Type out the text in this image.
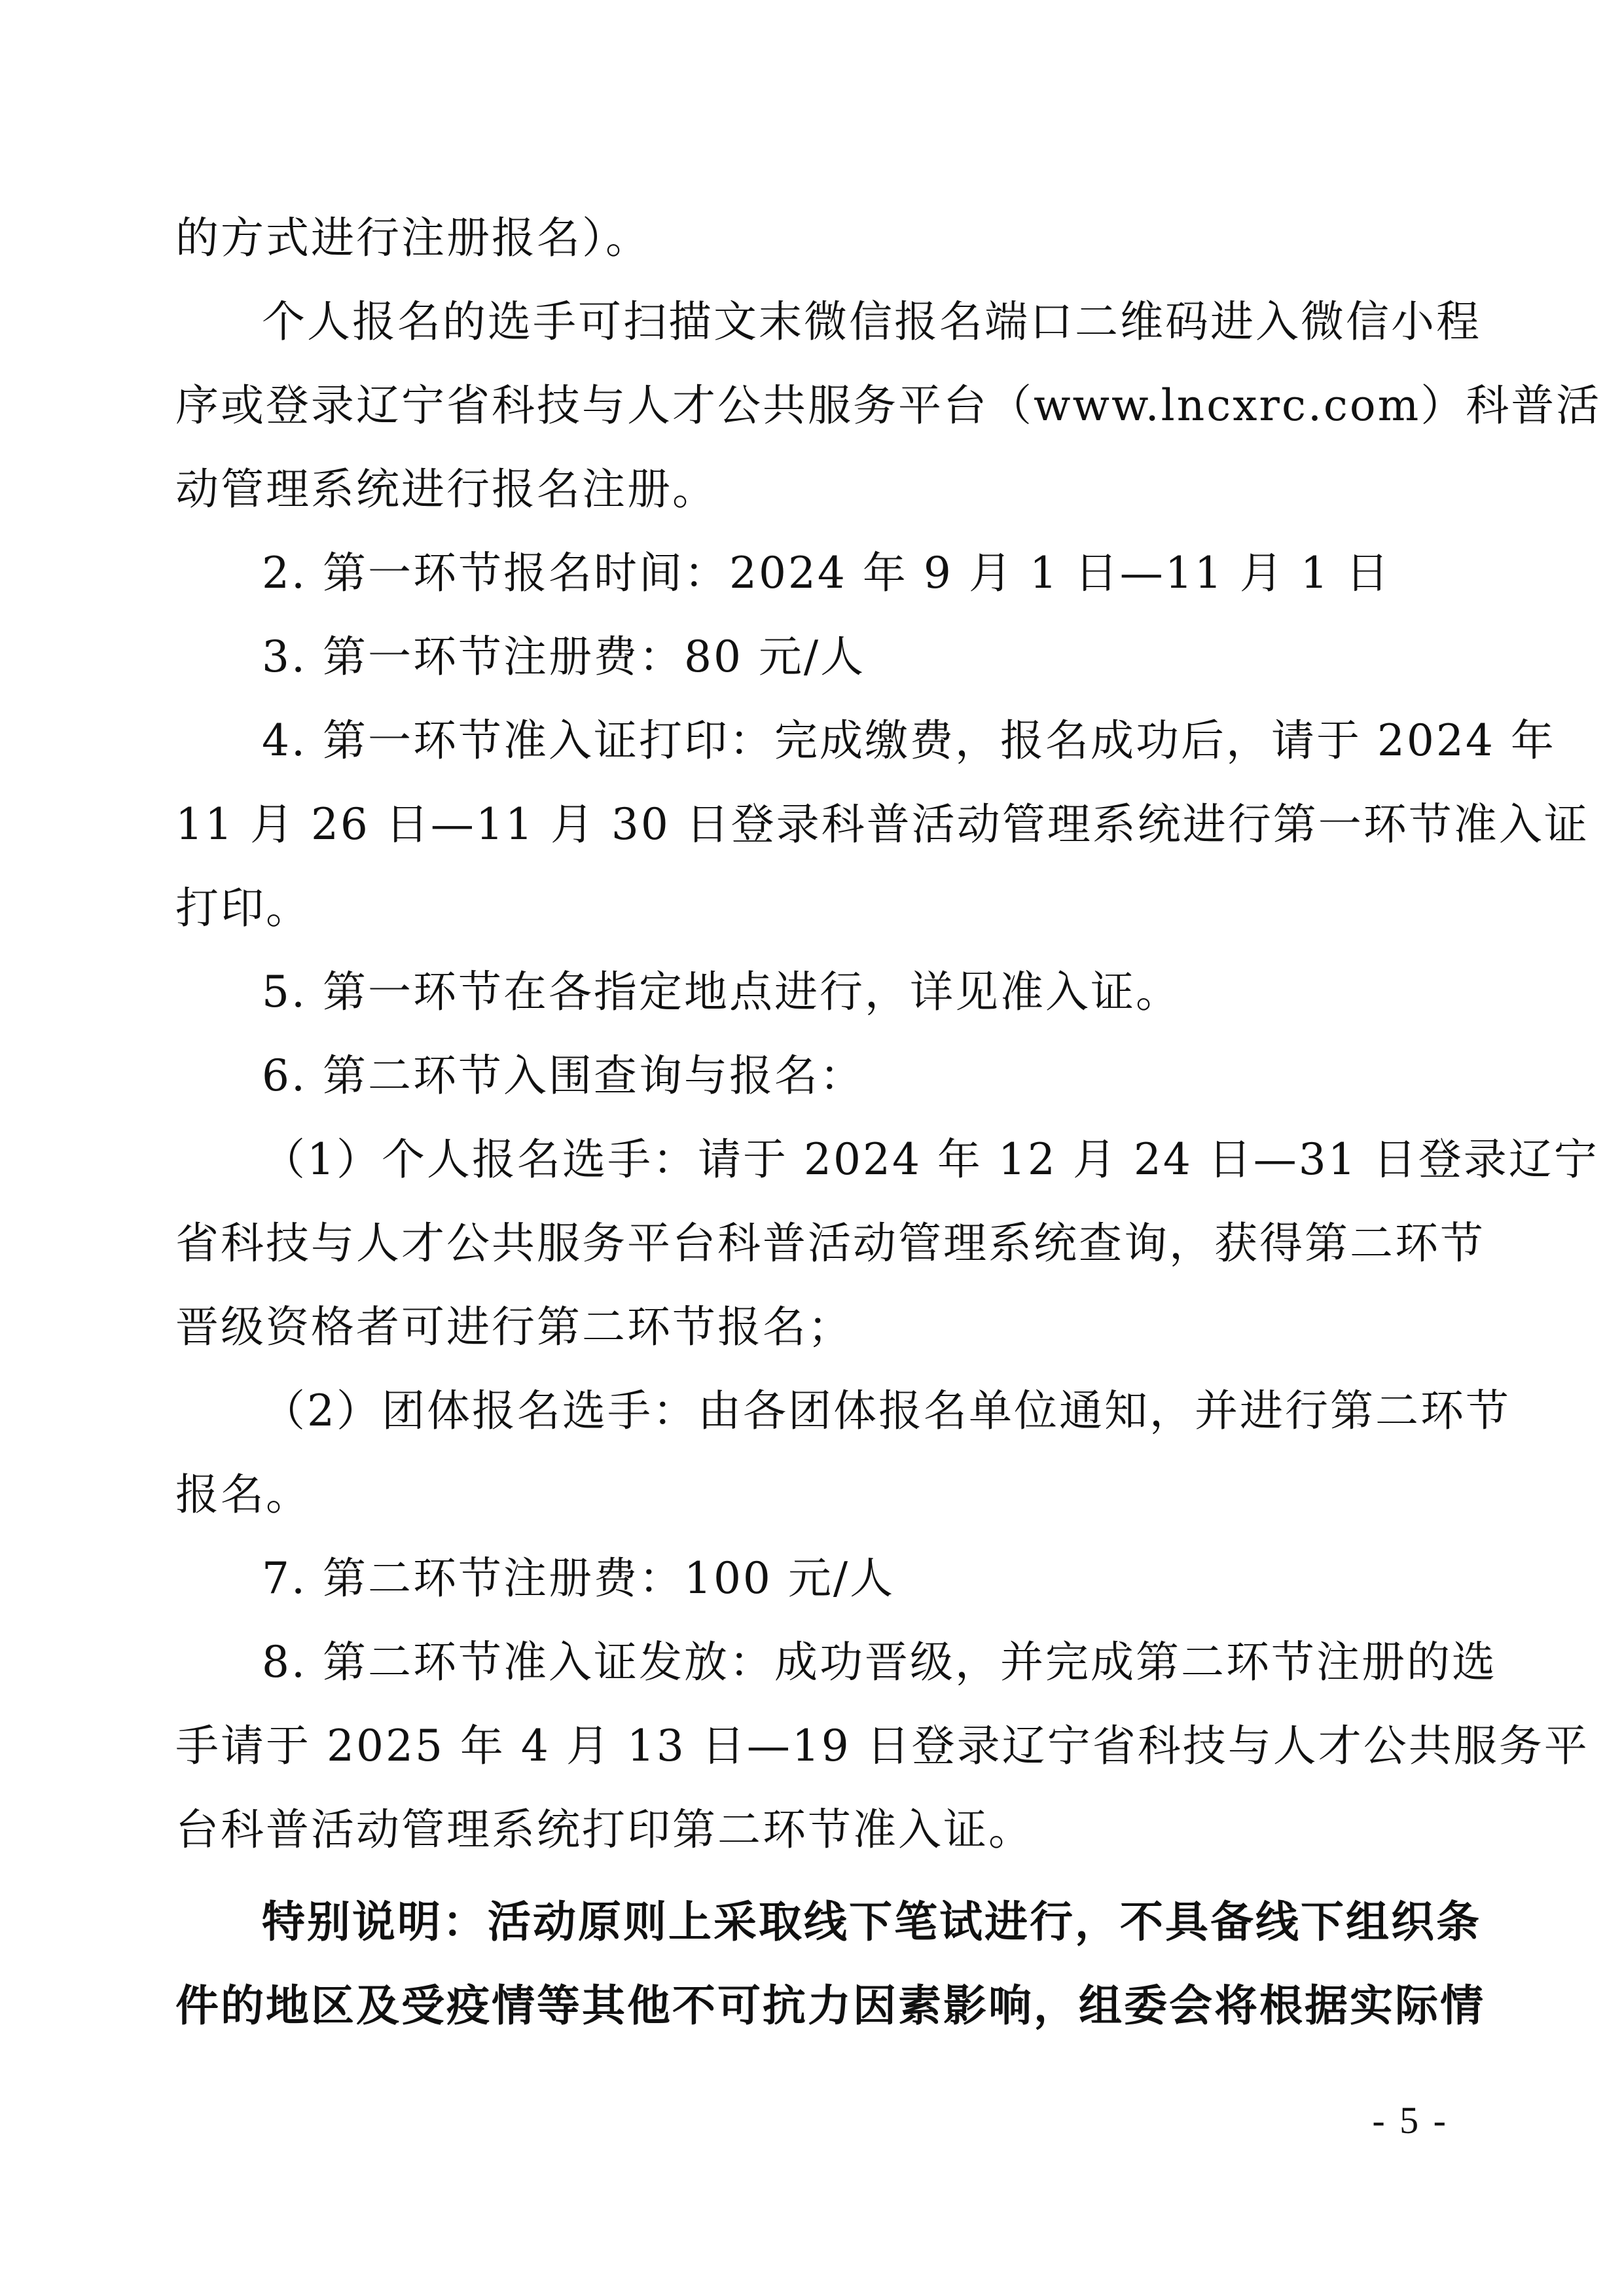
的方式进行注册报名）。
个人报名的选手可扫描文末微信报名端口二维码进入微信小程
序或登录辽宁省科技与人才公共服务平台（www.lncxrc.com）科普活
动管理系统进行报名注册。
2. 第一环节报名时间：2024 年 9 月 1 日—11 月 1 日
3. 第一环节注册费：80 元/人
4. 第一环节准入证打印：完成缴费，报名成功后，请于 2024 年
11 月 26 日—11 月 30 日登录科普活动管理系统进行第一环节准入证
打印。
5. 第一环节在各指定地点进行，详见准入证。
6. 第二环节入围查询与报名：
（1）个人报名选手：请于 2024 年 12 月 24 日—31 日登录辽宁
省科技与人才公共服务平台科普活动管理系统查询，获得第二环节
晋级资格者可进行第二环节报名；
（2）团体报名选手：由各团体报名单位通知，并进行第二环节
报名。
7. 第二环节注册费：100 元/人
8. 第二环节准入证发放：成功晋级，并完成第二环节注册的选
手请于 2025 年 4 月 13 日—19 日登录辽宁省科技与人才公共服务平
台科普活动管理系统打印第二环节准入证。
特别说明：活动原则上采取线下笔试进行，不具备线下组织条
件的地区及受疫情等其他不可抗力因素影响，组委会将根据实际情
- 5 -
